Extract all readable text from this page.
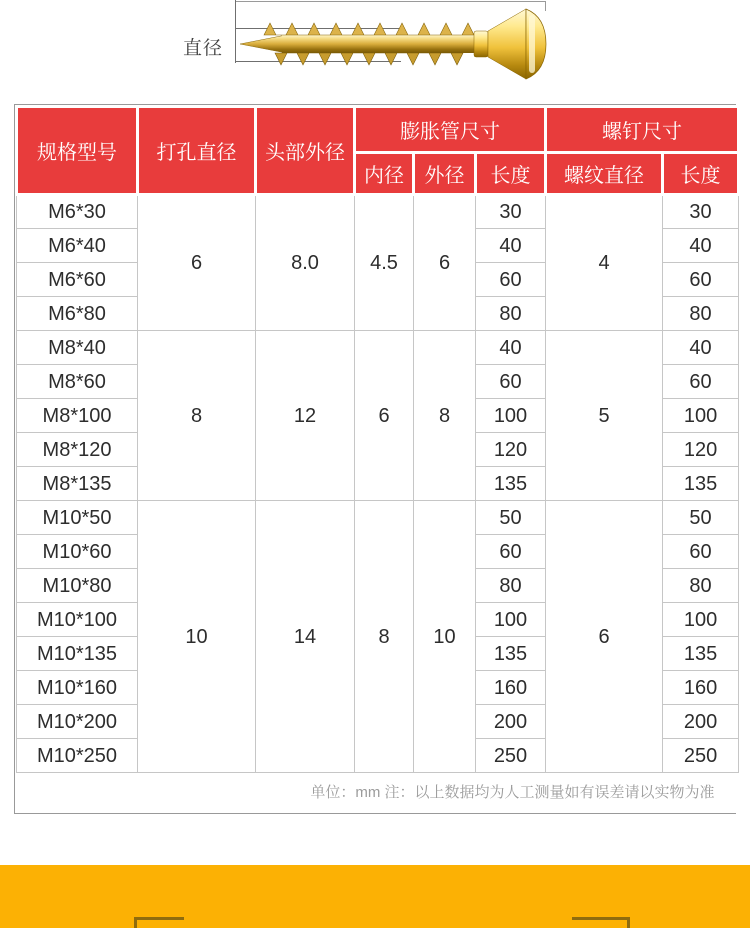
直径
规格型号	打孔直径	头部外径	膨胀管尺寸			螺钉尺寸	
			内径	外径	长度	螺纹直径	长度
M6*30	6	8.0	4.5	6	30	4	30
M6*40					40		40
M6*60					60		60
M6*80					80		80
M8*40	8	12	6	8	40	5	40
M8*60					60		60
M8*100					100		100
M8*120					120		120
M8*135					135		135
M10*50	10	14	8	10	50	6	50
M10*60					60		60
M10*80					80		80
M10*100					100		100
M10*135					135		135
M10*160					160		160
M10*200					200		200
M10*250					250		250
单位：mm 注：以上数据均为人工测量如有误差请以实物为准							
